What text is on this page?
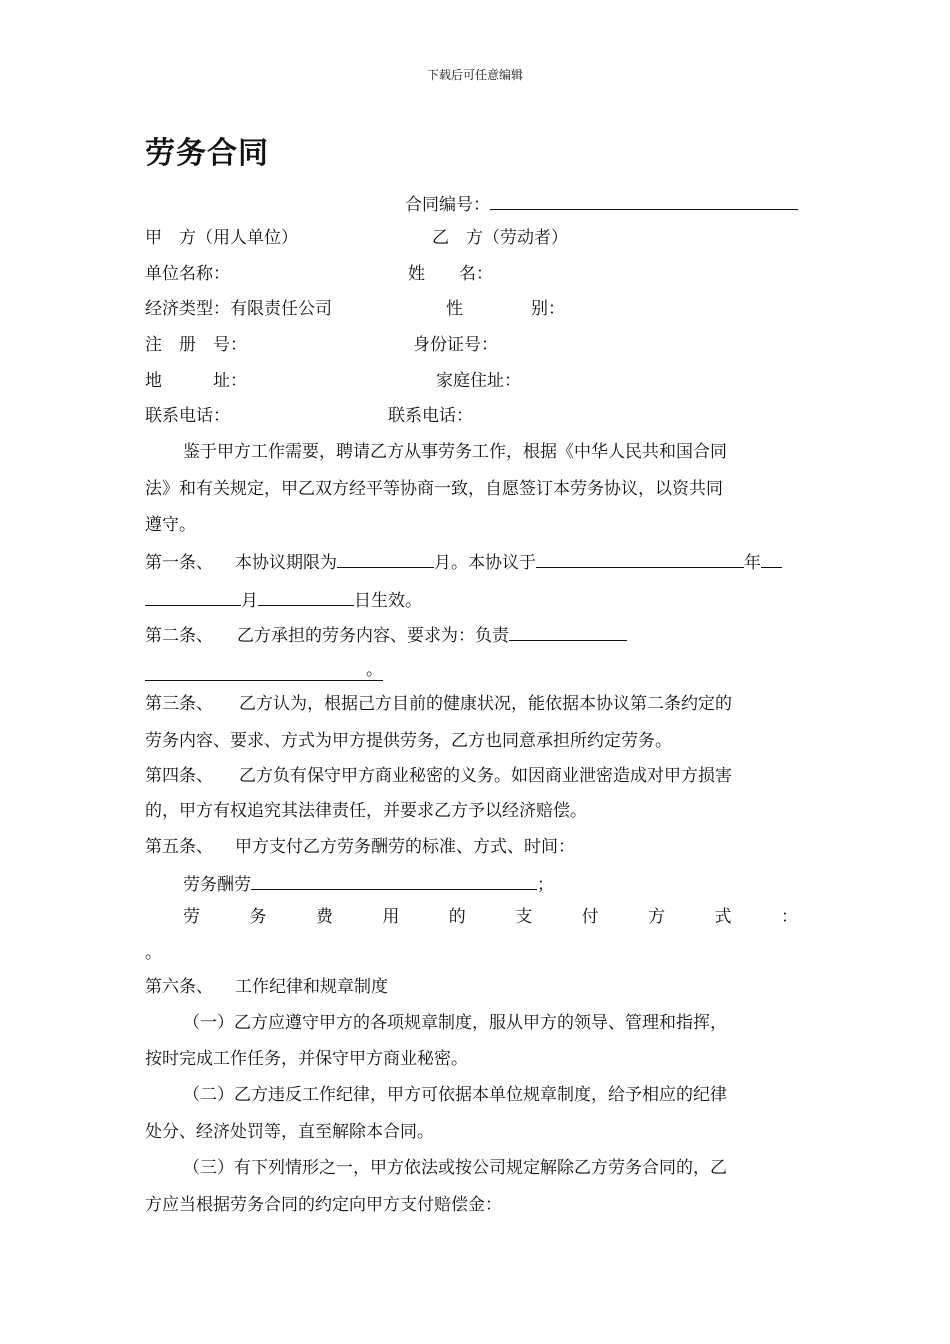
下载后可任意编辑
劳务合同
合同编号：
甲　方（用人单位）	乙　方（劳动者）
单位名称：	姓　　名：
经济类型：有限责任公司	性　　　　别：
注　册　号：	身份证号：
地　　　址：	家庭住址：
联系电话：	联系电话：
鉴于甲方工作需要，聘请乙方从事劳务工作，根据《中华人民共和国合同
法》和有关规定，甲乙双方经平等协商一致，自愿签订本劳务协议，以资共同
遵守。
第一条、 本协议期限为	月。本协议于	年
月	日生效。
第二条、 乙方承担的劳务内容、要求为：负责
。
第三条、 乙方认为，根据己方目前的健康状况，能依据本协议第二条约定的
劳务内容、要求、方式为甲方提供劳务，乙方也同意承担所约定劳务。
第四条、 乙方负有保守甲方商业秘密的义务。如因商业泄密造成对甲方损害
的，甲方有权追究其法律责任，并要求乙方予以经济赔偿。
第五条、 甲方支付乙方劳务酬劳的标准、方式、时间：
劳务酬劳	；
劳	务	费	用	的	支	付	方	式	：
。
第六条、 工作纪律和规章制度
（一）乙方应遵守甲方的各项规章制度，服从甲方的领导、管理和指挥，
按时完成工作任务，并保守甲方商业秘密。
（二）乙方违反工作纪律，甲方可依据本单位规章制度，给予相应的纪律
处分、经济处罚等，直至解除本合同。
（三）有下列情形之一，甲方依法或按公司规定解除乙方劳务合同的，乙
方应当根据劳务合同的约定向甲方支付赔偿金：
